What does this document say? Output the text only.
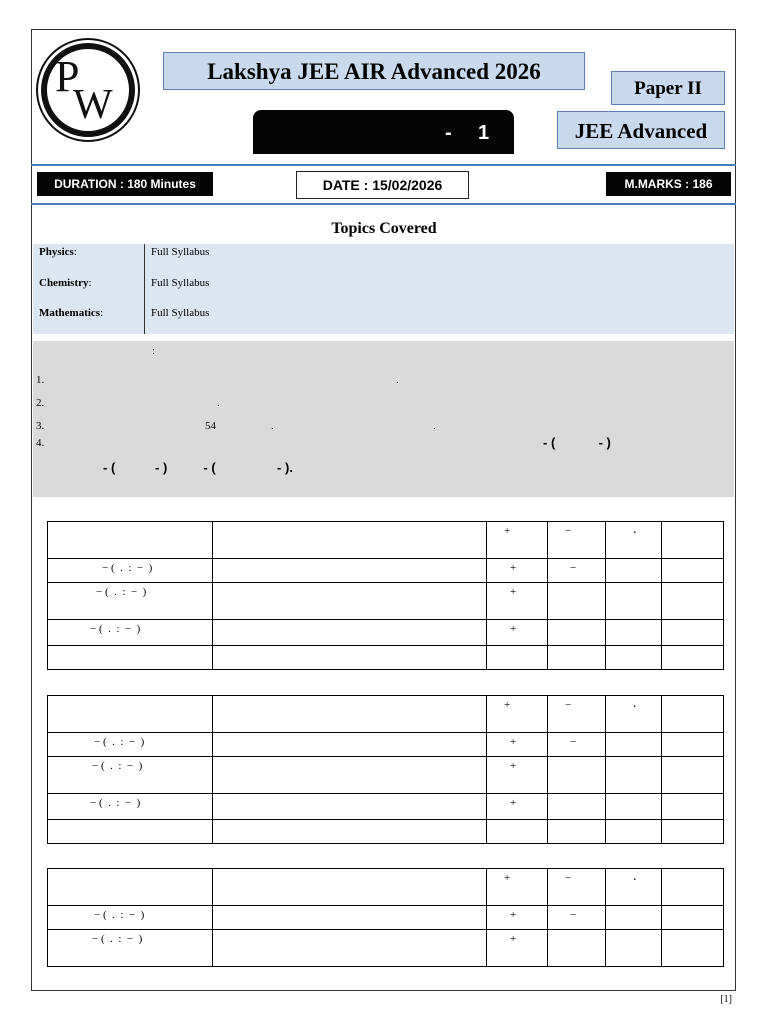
P
W
Lakshya JEE AIR Advanced 2026
Paper II
JEE Advanced
- 1
DURATION : 180 Minutes	DATE : 15/02/2026	M.MARKS : 186
Topics Covered
Physics:	Full Syllabus
Chemistry:	Full Syllabus
Mathematics:	Full Syllabus
:
1.	.
2.	.
3.	54	.	.
4.	- (            - )
- (           - )          - (                 - ).

		+	−	.	

− (  .  :  −  )		+	−		

− (  .  :  −  )		+			

− (  .  :  −  )		+			

		+	−	.	

− (  .  :  −  )		+	−		

− (  .  :  −  )		+			

− (  .  :  −  )		+			

		+	−	.	

− (  .  :  −  )		+	−		

− (  .  :  −  )		+			

[1]
